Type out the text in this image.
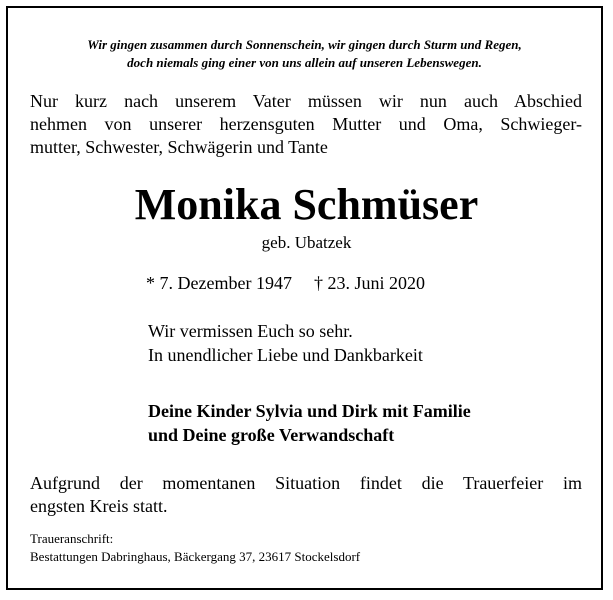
Wir gingen zusammen durch Sonnenschein, wir gingen durch Sturm und Regen,
doch niemals ging einer von uns allein auf unseren Lebenswegen.
Nur kurz nach unserem Vater müssen wir nun auch Abschied
nehmen von unserer herzensguten Mutter und Oma, Schwieger-
mutter, Schwester, Schwägerin und Tante
Monika Schmüser
geb. Ubatzek
* 7. Dezember 1947 † 23. Juni 2020
Wir vermissen Euch so sehr.
In unendlicher Liebe und Dankbarkeit
Deine Kinder Sylvia und Dirk mit Familie
und Deine große Verwandschaft
Aufgrund der momentanen Situation findet die Trauerfeier im
engsten Kreis statt.
Traueranschrift:
Bestattungen Dabringhaus, Bäckergang 37, 23617 Stockelsdorf
